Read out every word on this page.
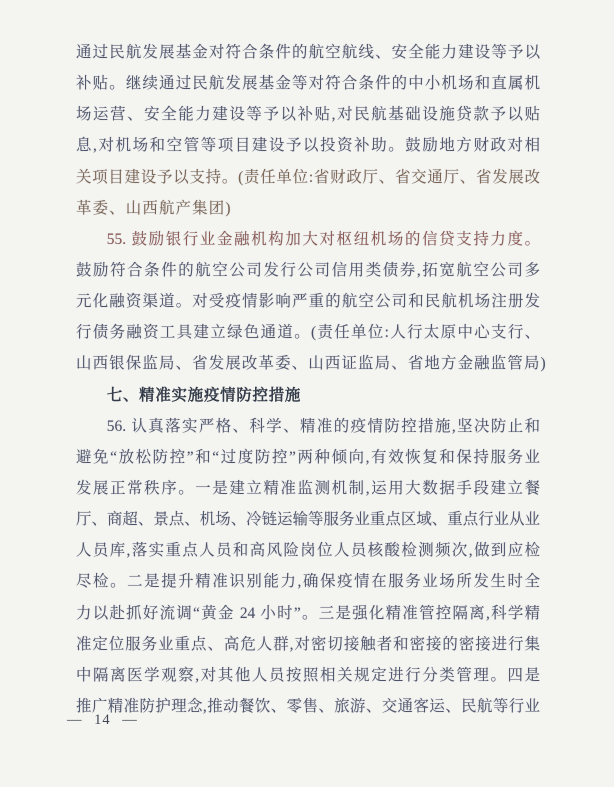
通过民航发展基金对符合条件的航空航线、安全能力建设等予以
补贴。继续通过民航发展基金等对符合条件的中小机场和直属机
场运营、安全能力建设等予以补贴,对民航基础设施贷款予以贴
息,对机场和空管等项目建设予以投资补助。鼓励地方财政对相
关项目建设予以支持。(责任单位:省财政厅、省交通厅、省发展改
革委、山西航产集团)
55. 鼓励银行业金融机构加大对枢纽机场的信贷支持力度。
鼓励符合条件的航空公司发行公司信用类债券,拓宽航空公司多
元化融资渠道。对受疫情影响严重的航空公司和民航机场注册发
行债务融资工具建立绿色通道。(责任单位:人行太原中心支行、
山西银保监局、省发展改革委、山西证监局、省地方金融监管局)
七、精准实施疫情防控措施
56. 认真落实严格、科学、精准的疫情防控措施,坚决防止和
避免“放松防控”和“过度防控”两种倾向,有效恢复和保持服务业
发展正常秩序。一是建立精准监测机制,运用大数据手段建立餐
厅、商超、景点、机场、冷链运输等服务业重点区域、重点行业从业
人员库,落实重点人员和高风险岗位人员核酸检测频次,做到应检
尽检。二是提升精准识别能力,确保疫情在服务业场所发生时全
力以赴抓好流调“黄金 24 小时”。三是强化精准管控隔离,科学精
准定位服务业重点、高危人群,对密切接触者和密接的密接进行集
中隔离医学观察,对其他人员按照相关规定进行分类管理。四是
推广精准防护理念,推动餐饮、零售、旅游、交通客运、民航等行业
— 14 —
